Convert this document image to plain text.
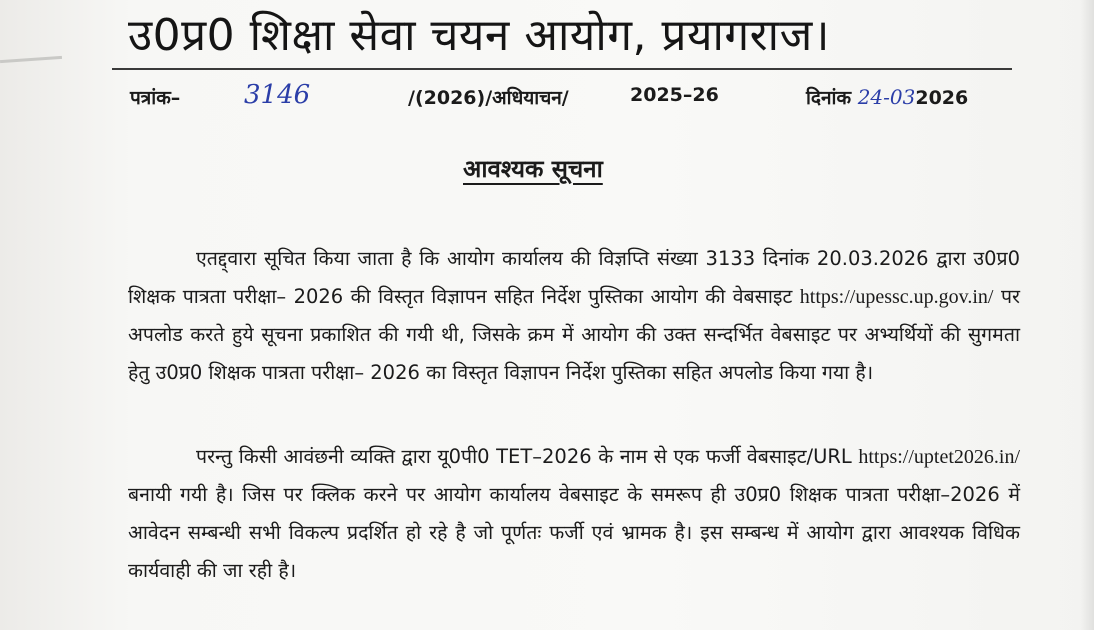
उ0प्र0 शिक्षा सेवा चयन आयोग, प्रयागराज।
पत्रांक– 3146	/(2026)/अधियाचन/	2025–26	दिनांक 24-032026
आवश्यक सूचना
एतद्द्वारा सूचित किया जाता है कि आयोग कार्यालय की विज्ञप्ति संख्या 3133 दिनांक 20.03.2026 द्वारा उ0प्र0 शिक्षक पात्रता परीक्षा– 2026 की विस्तृत विज्ञापन सहित निर्देश पुस्तिका आयोग की वेबसाइट https://upessc.up.gov.in/ पर अपलोड करते हुये सूचना प्रकाशित की गयी थी, जिसके क्रम में आयोग की उक्त सन्दर्भित वेबसाइट पर अभ्यर्थियों की सुगमता हेतु उ0प्र0 शिक्षक पात्रता परीक्षा– 2026 का विस्तृत विज्ञापन निर्देश पुस्तिका सहित अपलोड किया गया है।
परन्तु किसी आवंछनी व्यक्ति द्वारा यू0पी0 TET–2026 के नाम से एक फर्जी वेबसाइट/URL https://uptet2026.in/ बनायी गयी है। जिस पर क्लिक करने पर आयोग कार्यालय वेबसाइट के समरूप ही उ0प्र0 शिक्षक पात्रता परीक्षा–2026 में आवेदन सम्बन्धी सभी विकल्प प्रदर्शित हो रहे है जो पूर्णतः फर्जी एवं भ्रामक है। इस सम्बन्ध में आयोग द्वारा आवश्यक विधिक कार्यवाही की जा रही है।
